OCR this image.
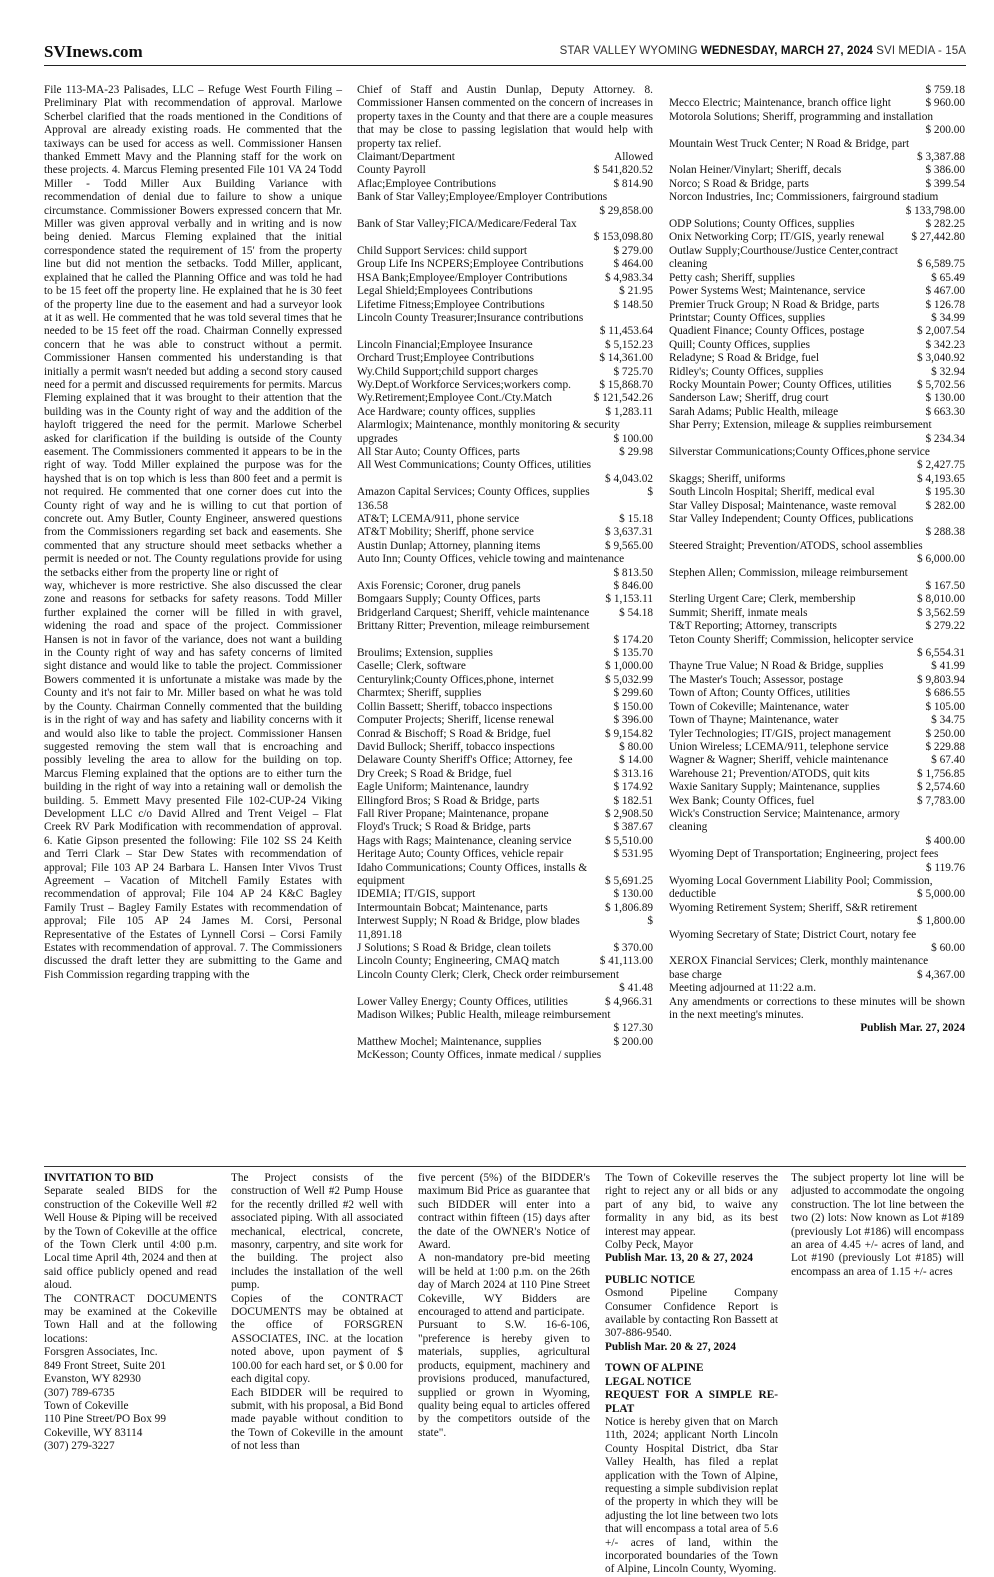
SVInews.com	STAR VALLEY WYOMING WEDNESDAY, MARCH 27, 2024 SVI MEDIA - 15A

File 113-MA-23 Palisades, LLC – Refuge West Fourth Filing – Preliminary Plat with recommendation of approval. Marlowe Scherbel clarified that the roads mentioned in the Conditions of Approval are already existing roads. He commented that the taxiways can be used for access as well. Commissioner Hansen thanked Emmett Mavy and the Planning staff for the work on these projects. 4. Marcus Fleming presented File 101 VA 24 Todd Miller - Todd Miller Aux Building Variance with recommendation of denial due to failure to show a unique circumstance. Commissioner Bowers expressed concern that Mr. Miller was given approval verbally and in writing and is now being denied. Marcus Fleming explained that the initial correspondence stated the requirement of 15' from the property line but did not mention the setbacks. Todd Miller, applicant, explained that he called the Planning Office and was told he had to be 15 feet off the property line. He explained that he is 30 feet of the property line due to the easement and had a surveyor look at it as well. He commented that he was told several times that he needed to be 15 feet off the road. Chairman Connelly expressed concern that he was able to construct without a permit. Commissioner Hansen commented his understanding is that initially a permit wasn't needed but adding a second story caused need for a permit and discussed requirements for permits. Marcus Fleming explained that it was brought to their attention that the building was in the County right of way and the addition of the hayloft triggered the need for the permit. Marlowe Scherbel asked for clarification if the building is outside of the County easement. The Commissioners commented it appears to be in the right of way. Todd Miller explained the purpose was for the hayshed that is on top which is less than 800 feet and a permit is not required. He commented that one corner does cut into the County right of way and he is willing to cut that portion of concrete out. Amy Butler, County Engineer, answered questions from the Commissioners regarding set back and easements. She commented that any structure should meet setbacks whether a permit is needed or not. The County regulations provide for using the setbacks either from the property line or right of

way, whichever is more restrictive. She also discussed the clear zone and reasons for setbacks for safety reasons. Todd Miller further explained the corner will be filled in with gravel, widening the road and space of the project. Commissioner Hansen is not in favor of the variance, does not want a building in the County right of way and has safety concerns of limited sight distance and would like to table the project. Commissioner Bowers commented it is unfortunate a mistake was made by the County and it's not fair to Mr. Miller based on what he was told by the County. Chairman Connelly commented that the building is in the right of way and has safety and liability concerns with it and would also like to table the project. Commissioner Hansen suggested removing the stem wall that is encroaching and possibly leveling the area to allow for the building on top. Marcus Fleming explained that the options are to either turn the building in the right of way into a retaining wall or demolish the building. 5. Emmett Mavy presented File 102-CUP-24 Viking Development LLC c/o David Allred and Trent Veigel – Flat Creek RV Park Modification with recommendation of approval. 6. Katie Gipson presented the following: File 102 SS 24 Keith and Terri Clark – Star Dew States with recommendation of approval; File 103 AP 24 Barbara L. Hansen Inter Vivos Trust Agreement – Vacation of Mitchell Family Estates with recommendation of approval; File 104 AP 24 K&C Bagley Family Trust – Bagley Family Estates with recommendation of approval; File 105 AP 24 James M. Corsi, Personal Representative of the Estates of Lynnell Corsi – Corsi Family Estates with recommendation of approval. 7. The Commissioners discussed the draft letter they are submitting to the Game and Fish Commission regarding trapping with the

Chief of Staff and Austin Dunlap, Deputy Attorney. 8. Commissioner Hansen commented on the concern of increases in property taxes in the County and that there are a couple measures that may be close to passing legislation that would help with property tax relief.

Claimant/Department	Allowed
County Payroll	$ 541,820.52
Aflac;Employee Contributions	$ 814.90
Bank of Star Valley;Employee/Employer Contributions
$ 29,858.00
Bank of Star Valley;FICA/Medicare/Federal Tax
$ 153,098.80
Child Support Services: child support	$ 279.00
Group Life Ins NCPERS;Employee Contributions	$ 464.00
HSA Bank;Employee/Employer Contributions	$ 4,983.34
Legal Shield;Employees Contributions	$ 21.95
Lifetime Fitness;Employee Contributions	$ 148.50
Lincoln County Treasurer;Insurance contributions
$ 11,453.64
Lincoln Financial;Employee Insurance	$ 5,152.23
Orchard Trust;Employee Contributions	$ 14,361.00
Wy.Child Support;child support charges	$ 725.70
Wy.Dept.of Workforce Services;workers comp.	$ 15,868.70
Wy.Retirement;Employee Cont./Cty.Match	$ 121,542.26
Ace Hardware; county offices, supplies	$ 1,283.11
Alarmlogix; Maintenance, monthly monitoring & security
upgrades	$ 100.00
All Star Auto; County Offices, parts	$ 29.98
All West Communications; County Offices, utilities
$ 4,043.02
Amazon Capital Services; County Offices, supplies	$
136.58
AT&T; LCEMA/911, phone service	$ 15.18
AT&T Mobility; Sheriff, phone service	$ 3,637.31
Austin Dunlap; Attorney, planning items	$ 9,565.00
Auto Inn; County Offices, vehicle towing and maintenance
$ 813.50
Axis Forensic; Coroner, drug panels	$ 846.00
Bomgaars Supply; County Offices, parts	$ 1,153.11
Bridgerland Carquest; Sheriff, vehicle maintenance	$ 54.18
Brittany Ritter; Prevention, mileage reimbursement
$ 174.20
Broulims; Extension, supplies	$ 135.70
Caselle; Clerk, software	$ 1,000.00
Centurylink;County Offices,phone, internet	$ 5,032.99
Charmtex; Sheriff, supplies	$ 299.60
Collin Bassett; Sheriff, tobacco inspections	$ 150.00
Computer Projects; Sheriff, license renewal	$ 396.00
Conrad & Bischoff; S Road & Bridge, fuel	$ 9,154.82
David Bullock; Sheriff, tobacco inspections	$ 80.00
Delaware County Sheriff's Office; Attorney, fee	$ 14.00
Dry Creek; S Road & Bridge, fuel	$ 313.16
Eagle Uniform; Maintenance, laundry	$ 174.92
Ellingford Bros; S Road & Bridge, parts	$ 182.51
Fall River Propane; Maintenance, propane	$ 2,908.50
Floyd's Truck; S Road & Bridge, parts	$ 387.67
Hags with Rags; Maintenance, cleaning service	$ 5,510.00
Heritage Auto; County Offices, vehicle repair	$ 531.95
Idaho Communications; County Offices, installs &
equipment	$ 5,691.25
IDEMIA; IT/GIS, support	$ 130.00
Intermountain Bobcat; Maintenance, parts	$ 1,806.89
Interwest Supply; N Road & Bridge, plow blades	$
11,891.18
J Solutions; S Road & Bridge, clean toilets	$ 370.00
Lincoln County; Engineering, CMAQ match	$ 41,113.00
Lincoln County Clerk; Clerk, Check order reimbursement
$ 41.48
Lower Valley Energy; County Offices, utilities	$ 4,966.31
Madison Wilkes; Public Health, mileage reimbursement
$ 127.30
Matthew Mochel; Maintenance, supplies	$ 200.00
McKesson; County Offices, inmate medical / supplies
$ 759.18
Mecco Electric; Maintenance, branch office light	$ 960.00
Motorola Solutions; Sheriff, programming and installation
$ 200.00
Mountain West Truck Center; N Road & Bridge, part
$ 3,387.88
Nolan Heiner/Vinylart; Sheriff, decals	$ 386.00
Norco; S Road & Bridge, parts	$ 399.54
Norcon Industries, Inc; Commissioners, fairground stadium
$ 133,798.00
ODP Solutions; County Offices, supplies	$ 282.25
Onix Networking Corp; IT/GIS, yearly renewal	$ 27,442.80
Outlaw Supply;Courthouse/Justice Center,contract
cleaning	$ 6,589.75
Petty cash; Sheriff, supplies	$ 65.49
Power Systems West; Maintenance, service	$ 467.00
Premier Truck Group; N Road & Bridge, parts	$ 126.78
Printstar; County Offices, supplies	$ 34.99
Quadient Finance; County Offices, postage	$ 2,007.54
Quill; County Offices, supplies	$ 342.23
Reladyne; S Road & Bridge, fuel	$ 3,040.92
Ridley's; County Offices, supplies	$ 32.94
Rocky Mountain Power; County Offices, utilities	$ 5,702.56
Sanderson Law; Sheriff, drug court	$ 130.00
Sarah Adams; Public Health, mileage	$ 663.30
Shar Perry; Extension, mileage & supplies reimbursement
$ 234.34
Silverstar Communications;County Offices,phone service
$ 2,427.75
Skaggs; Sheriff, uniforms	$ 4,193.65
South Lincoln Hospital; Sheriff, medical eval	$ 195.30
Star Valley Disposal; Maintenance, waste removal	$ 282.00
Star Valley Independent; County Offices, publications
$ 288.38
Steered Straight; Prevention/ATODS, school assemblies
$ 6,000.00
Stephen Allen; Commission, mileage reimbursement
$ 167.50
Sterling Urgent Care; Clerk, membership	$ 8,010.00
Summit; Sheriff, inmate meals	$ 3,562.59
T&T Reporting; Attorney, transcripts	$ 279.22
Teton County Sheriff; Commission, helicopter service
$ 6,554.31
Thayne True Value; N Road & Bridge, supplies	$ 41.99
The Master's Touch; Assessor, postage	$ 9,803.94
Town of Afton; County Offices, utilities	$ 686.55
Town of Cokeville; Maintenance, water	$ 105.00
Town of Thayne; Maintenance, water	$ 34.75
Tyler Technologies; IT/GIS, project management	$ 250.00
Union Wireless; LCEMA/911, telephone service	$ 229.88
Wagner & Wagner; Sheriff, vehicle maintenance	$ 67.40
Warehouse 21; Prevention/ATODS, quit kits	$ 1,756.85
Waxie Sanitary Supply; Maintenance, supplies	$ 2,574.60
Wex Bank; County Offices, fuel	$ 7,783.00
Wick's Construction Service; Maintenance, armory
cleaning
$ 400.00
Wyoming Dept of Transportation; Engineering, project fees
$ 119.76
Wyoming Local Government Liability Pool; Commission,
deductible	$ 5,000.00
Wyoming Retirement System; Sheriff, S&R retirement
$ 1,800.00
Wyoming Secretary of State; District Court, notary fee
$ 60.00
XEROX Financial Services; Clerk, monthly maintenance
base charge	$ 4,367.00

Meeting adjourned at 11:22 a.m.

Any amendments or corrections to these minutes will be shown in the next meeting's minutes.

Publish Mar. 27, 2024

INVITATION TO BID

Separate sealed BIDS for the construction of the Cokeville Well #2 Well House & Piping will be received by the Town of Cokeville at the office of the Town Clerk until 4:00 p.m. Local time April 4th, 2024 and then at said office publicly opened and read aloud.

The CONTRACT DOCUMENTS may be examined at the Cokeville Town Hall and at the following locations:

Forsgren Associates, Inc.
849 Front Street, Suite 201
Evanston, WY 82930
(307) 789-6735
Town of Cokeville
110 Pine Street/PO Box 99
Cokeville, WY 83114
(307) 279-3227

The Project consists of the construction of Well #2 Pump House for the recently drilled #2 well with associated piping. With all associated mechanical, electrical, concrete, masonry, carpentry, and site work for the building. The project also includes the installation of the well pump.

Copies of the CONTRACT DOCUMENTS may be obtained at the office of FORSGREN ASSOCIATES, INC. at the location noted above, upon payment of $ 100.00 for each hard set, or $ 0.00 for each digital copy.

Each BIDDER will be required to submit, with his proposal, a Bid Bond made payable without condition to the Town of Cokeville in the amount of not less than

five percent (5%) of the BIDDER's maximum Bid Price as guarantee that such BIDDER will enter into a contract within fifteen (15) days after the date of the OWNER's Notice of Award.

A non-mandatory pre-bid meeting will be held at 1:00 p.m. on the 26th day of March 2024 at 110 Pine Street Cokeville, WY Bidders are encouraged to attend and participate.

Pursuant to S.W. 16-6-106, "preference is hereby given to materials, supplies, agricultural products, equipment, machinery and provisions produced, manufactured, supplied or grown in Wyoming, quality being equal to articles offered by the competitors outside of the state".

The Town of Cokeville reserves the right to reject any or all bids or any part of any bid, to waive any formality in any bid, as its best interest may appear.

Colby Peck, Mayor

Publish Mar. 13, 20 & 27, 2024

PUBLIC NOTICE

Osmond Pipeline Company Consumer Confidence Report is available by contacting Ron Bassett at 307-886-9540.

Publish Mar. 20 & 27, 2024

TOWN OF ALPINE

LEGAL NOTICE

REQUEST FOR A SIMPLE RE-PLAT

Notice is hereby given that on March 11th, 2024; applicant North Lincoln County Hospital District, dba Star Valley Health, has filed a replat application with the Town of Alpine, requesting a simple subdivision replat of the property in which they will be adjusting the lot line between two lots that will encompass a total area of 5.6 +/- acres of land, within the incorporated boundaries of the Town of Alpine, Lincoln County, Wyoming.

The subject property lot line will be adjusted to accommodate the ongoing construction. The lot line between the two (2) lots: Now known as Lot #189 (previously Lot #186) will encompass an area of 4.45 +/- acres of land, and Lot #190 (previously Lot #185) will encompass an area of 1.15 +/- acres
